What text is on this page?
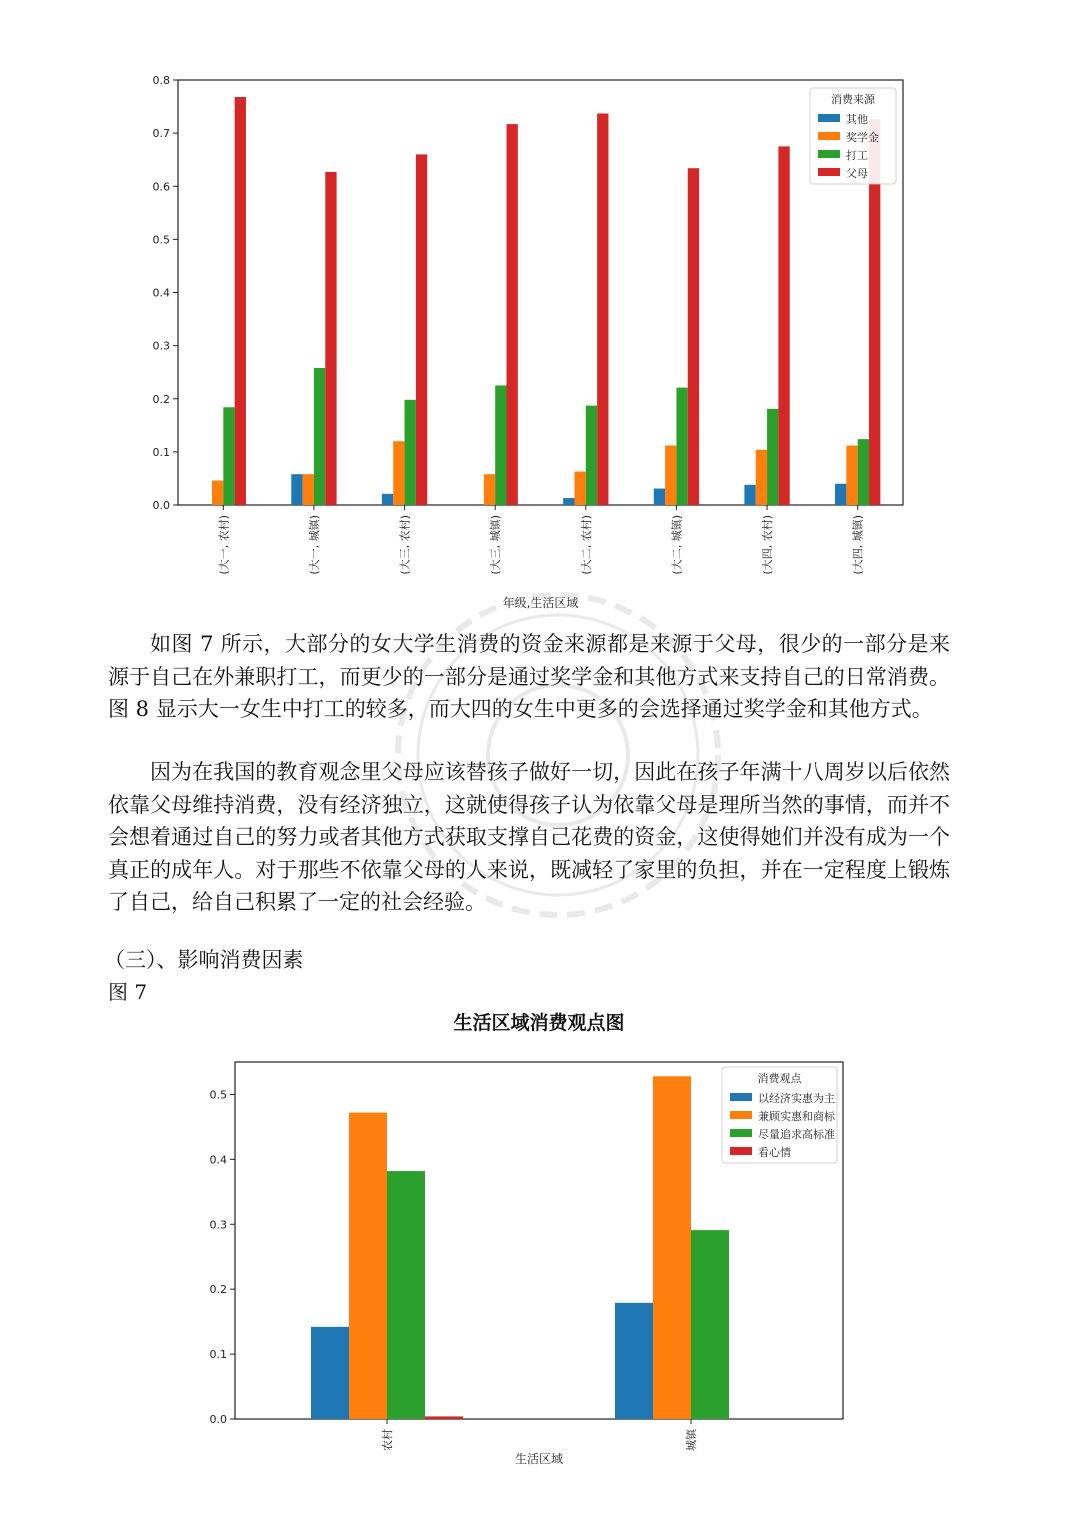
0.0
0.1
0.2
0.3
0.4
0.5
0.6
0.7
0.8
(大一, 农村)	(大一, 城镇)	(大三, 农村)	(大三, 城镇)	(大二, 农村)	(大二, 城镇)	(大四, 农村)	(大四, 城镇)
年级,生活区域
消费来源
其他
奖学金
打工
父母

如图 7 所示，大部分的女大学生消费的资金来源都是来源于父母，很少的一部分是来源于自己在外兼职打工，而更少的一部分是通过奖学金和其他方式来支持自己的日常消费。图 8 显示大一女生中打工的较多，而大四的女生中更多的会选择通过奖学金和其他方式。

因为在我国的教育观念里父母应该替孩子做好一切，因此在孩子年满十八周岁以后依然依靠父母维持消费，没有经济独立，这就使得孩子认为依靠父母是理所当然的事情，而并不会想着通过自己的努力或者其他方式获取支撑自己花费的资金，这使得她们并没有成为一个真正的成年人。对于那些不依靠父母的人来说，既减轻了家里的负担，并在一定程度上锻炼了自己，给自己积累了一定的社会经验。

（三）、影响消费因素

图 7

生活区域消费观点图
0.0
0.1
0.2
0.3
0.4
0.5
农村	城镇
生活区域
消费观点
以经济实惠为主
兼顾实惠和商标
尽量追求高标准
看心情
